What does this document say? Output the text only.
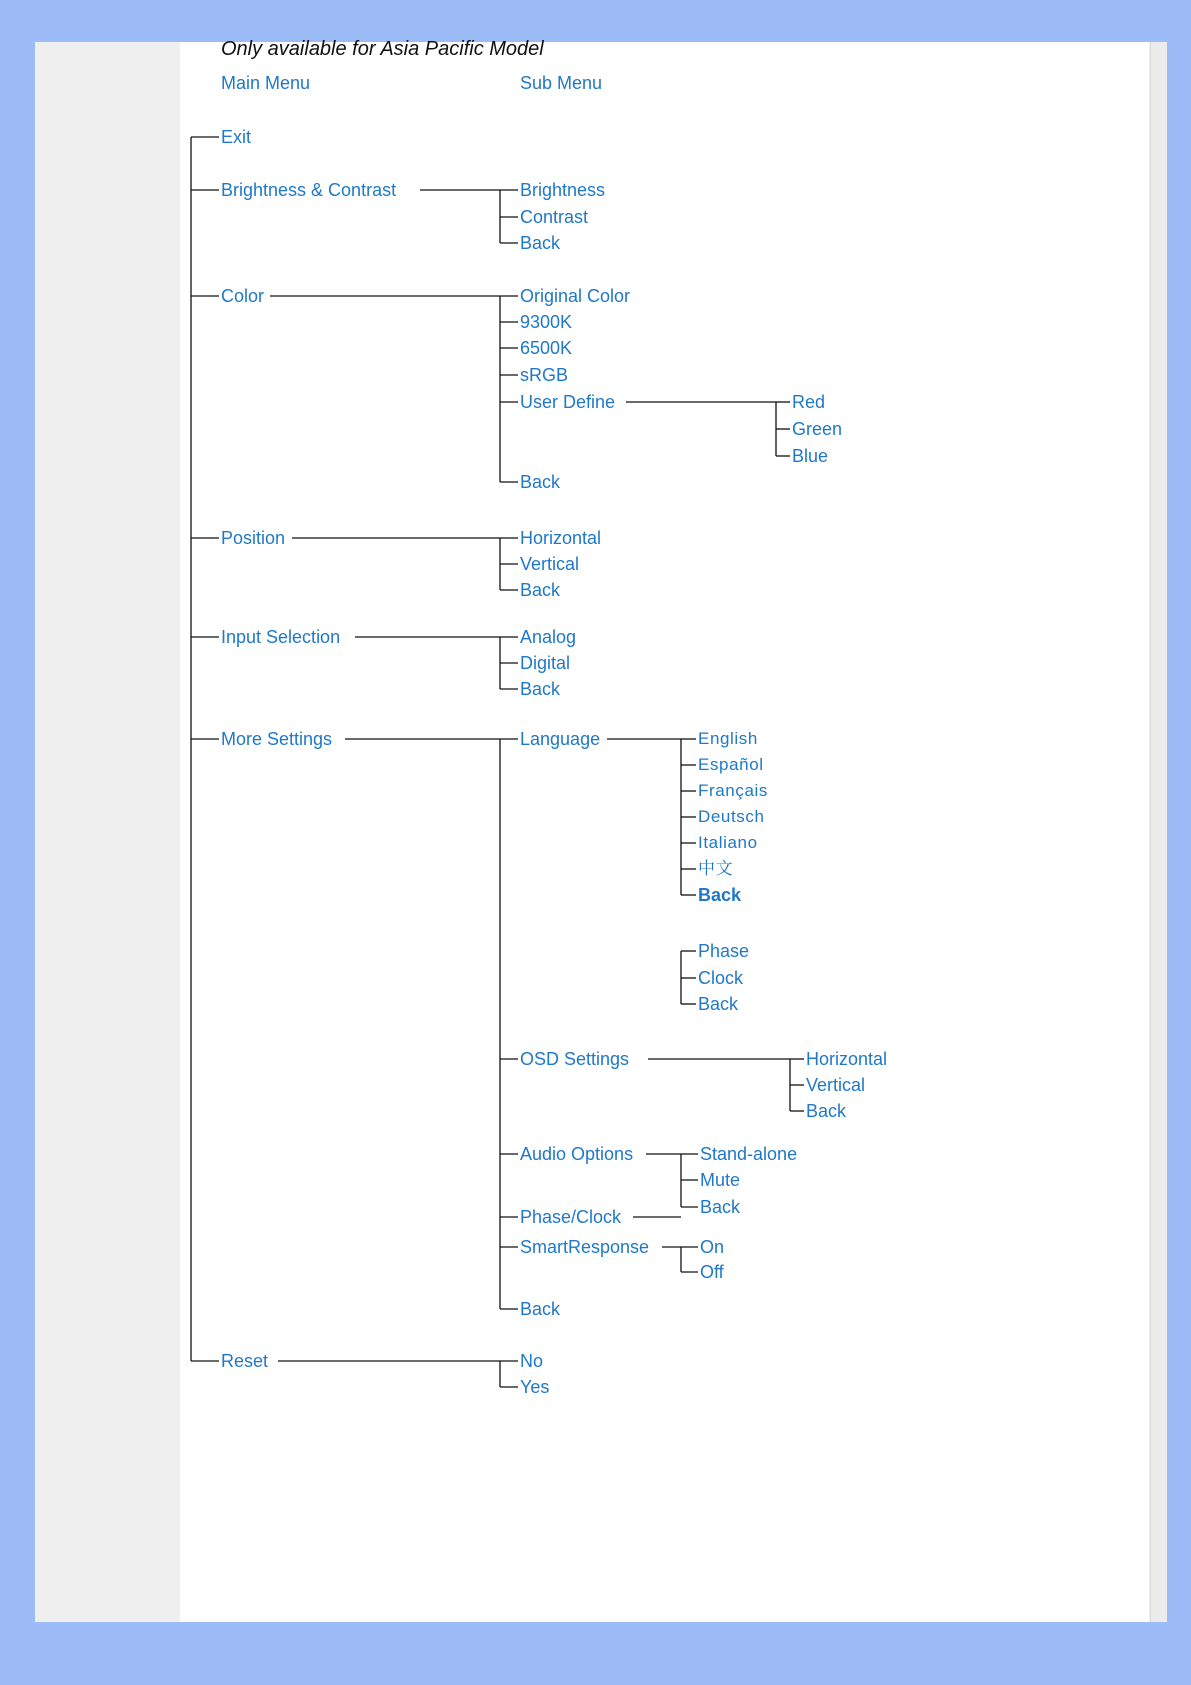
Only available for Asia Pacific Model
Main Menu	Sub Menu
Exit
Brightness & Contrast	Brightness
Contrast
Back
Color	Original Color
9300K
6500K
sRGB
User Define	Red
Green
Blue
Back
Position	Horizontal
Vertical
Back
Input Selection	Analog
Digital
Back
More Settings	Language	English
Español
Français
Deutsch
Italiano
中文
Back
Phase/Clock
Phase
Clock
Back
OSD Settings	Horizontal
Vertical
Back
Audio Options	Stand-alone
Mute
Back
SmartResponse	On
Off
Back
Reset	No
Yes
